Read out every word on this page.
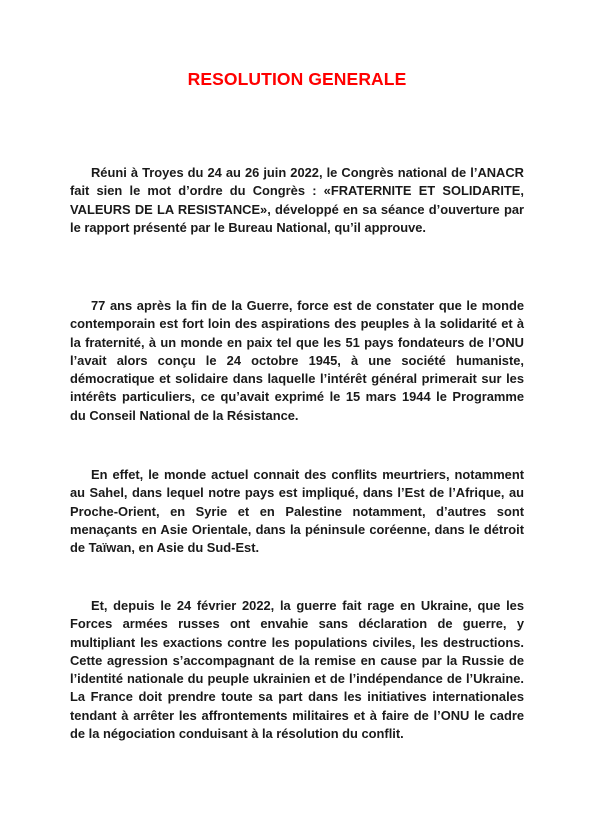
RESOLUTION GENERALE

Réuni à Troyes du 24 au 26 juin 2022, le Congrès national de l’ANACR fait sien le mot d’ordre du Congrès : «FRATERNITE ET SOLIDARITE, VALEURS DE LA RESISTANCE», développé en sa séance d’ouverture par le rapport présenté par le Bureau National, qu’il approuve.

77 ans après la fin de la Guerre, force est de constater que le monde contemporain est fort loin des aspirations des peuples à la solidarité et à la fraternité, à un monde en paix tel que les 51 pays fondateurs de l’ONU l’avait alors conçu le 24 octobre 1945, à une société humaniste, démocratique et solidaire dans laquelle l’intérêt général primerait sur les intérêts particuliers, ce qu’avait exprimé le 15 mars 1944 le Programme du Conseil National de la Résistance.

En effet, le monde actuel connait des conflits meurtriers, notamment au Sahel, dans lequel notre pays est impliqué, dans l’Est de l’Afrique, au Proche-Orient, en Syrie et en Palestine notamment, d’autres sont menaçants en Asie Orientale, dans la péninsule coréenne, dans le détroit de Taïwan, en Asie du Sud-Est.

Et, depuis le 24 février 2022, la guerre fait rage en Ukraine, que les Forces armées russes ont envahie sans déclaration de guerre, y multipliant les exactions contre les populations civiles, les destructions. Cette agression s’accompagnant de la remise en cause par la Russie de l’identité nationale du peuple ukrainien et de l’indépendance de l’Ukraine. La France doit prendre toute sa part dans les initiatives internationales tendant à arrêter les affrontements militaires et à faire de l’ONU le cadre de la négociation conduisant à la résolution du conflit.
